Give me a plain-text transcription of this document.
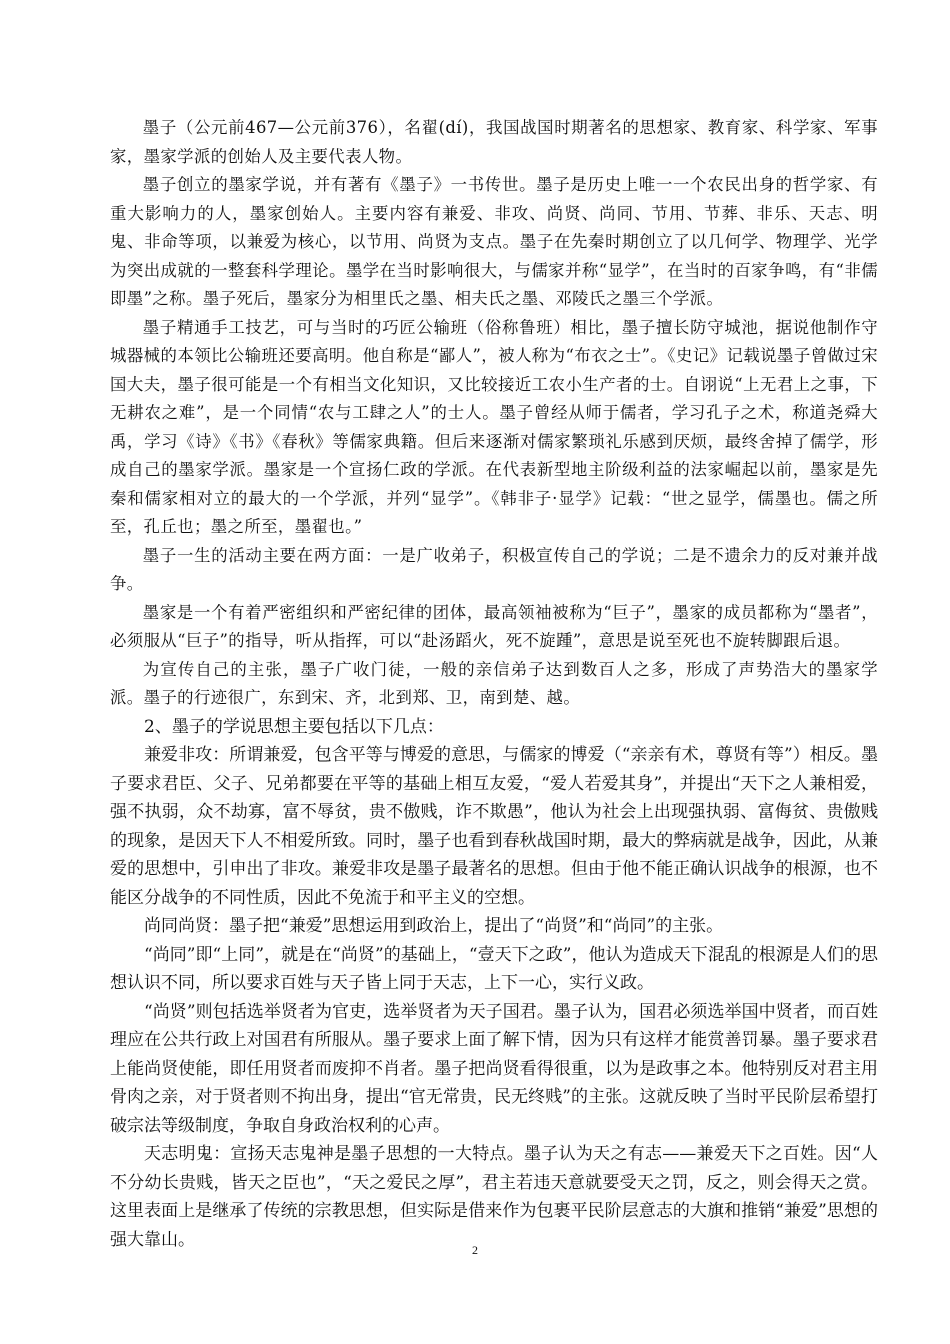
墨子（公元前467—公元前376），名翟(dí)，我国战国时期著名的思想家、教育家、科学家、军事家，墨家学派的创始人及主要代表人物。

墨子创立的墨家学说，并有著有《墨子》一书传世。墨子是历史上唯一一个农民出身的哲学家、有重大影响力的人，墨家创始人。主要内容有兼爱、非攻、尚贤、尚同、节用、节葬、非乐、天志、明鬼、非命等项，以兼爱为核心，以节用、尚贤为支点。墨子在先秦时期创立了以几何学、物理学、光学为突出成就的一整套科学理论。墨学在当时影响很大，与儒家并称“显学”，在当时的百家争鸣，有“非儒即墨”之称。墨子死后，墨家分为相里氏之墨、相夫氏之墨、邓陵氏之墨三个学派。

墨子精通手工技艺，可与当时的巧匠公输班（俗称鲁班）相比，墨子擅长防守城池，据说他制作守城器械的本领比公输班还要高明。他自称是“鄙人”，被人称为“布衣之士”。《史记》记载说墨子曾做过宋国大夫，墨子很可能是一个有相当文化知识，又比较接近工农小生产者的士。自诩说“上无君上之事，下无耕农之难”，是一个同情“农与工肆之人”的士人。墨子曾经从师于儒者，学习孔子之术，称道尧舜大禹，学习《诗》《书》《春秋》等儒家典籍。但后来逐渐对儒家繁琐礼乐感到厌烦，最终舍掉了儒学，形成自己的墨家学派。墨家是一个宣扬仁政的学派。在代表新型地主阶级利益的法家崛起以前，墨家是先秦和儒家相对立的最大的一个学派，并列“显学”。《韩非子·显学》记载：“世之显学，儒墨也。儒之所至，孔丘也；墨之所至，墨翟也。”

墨子一生的活动主要在两方面：一是广收弟子，积极宣传自己的学说；二是不遗余力的反对兼并战争。

墨家是一个有着严密组织和严密纪律的团体，最高领袖被称为“巨子”，墨家的成员都称为“墨者”，必须服从“巨子”的指导，听从指挥，可以“赴汤蹈火，死不旋踵”，意思是说至死也不旋转脚跟后退。

为宣传自己的主张，墨子广收门徒，一般的亲信弟子达到数百人之多，形成了声势浩大的墨家学派。墨子的行迹很广，东到宋、齐，北到郑、卫，南到楚、越。

2、墨子的学说思想主要包括以下几点：

兼爱非攻：所谓兼爱，包含平等与博爱的意思，与儒家的博爱（“亲亲有术，尊贤有等”）相反。墨子要求君臣、父子、兄弟都要在平等的基础上相互友爱，“爱人若爱其身”，并提出“天下之人兼相爱，强不执弱，众不劫寡，富不辱贫，贵不傲贱，诈不欺愚”，他认为社会上出现强执弱、富侮贫、贵傲贱的现象，是因天下人不相爱所致。同时，墨子也看到春秋战国时期，最大的弊病就是战争，因此，从兼爱的思想中，引申出了非攻。兼爱非攻是墨子最著名的思想。但由于他不能正确认识战争的根源，也不能区分战争的不同性质，因此不免流于和平主义的空想。

尚同尚贤：墨子把“兼爱”思想运用到政治上，提出了“尚贤”和“尚同”的主张。

“尚同”即“上同”，就是在“尚贤”的基础上，“壹天下之政”，他认为造成天下混乱的根源是人们的思想认识不同，所以要求百姓与天子皆上同于天志，上下一心，实行义政。

“尚贤”则包括选举贤者为官吏，选举贤者为天子国君。墨子认为，国君必须选举国中贤者，而百姓理应在公共行政上对国君有所服从。墨子要求上面了解下情，因为只有这样才能赏善罚暴。墨子要求君上能尚贤使能，即任用贤者而废抑不肖者。墨子把尚贤看得很重，以为是政事之本。他特别反对君主用骨肉之亲，对于贤者则不拘出身，提出“官无常贵，民无终贱”的主张。这就反映了当时平民阶层希望打破宗法等级制度，争取自身政治权利的心声。

天志明鬼：宣扬天志鬼神是墨子思想的一大特点。墨子认为天之有志——兼爱天下之百姓。因“人不分幼长贵贱，皆天之臣也”，“天之爱民之厚”，君主若违天意就要受天之罚，反之，则会得天之赏。这里表面上是继承了传统的宗教思想，但实际是借来作为包裹平民阶层意志的大旗和推销“兼爱”思想的强大靠山。

2
